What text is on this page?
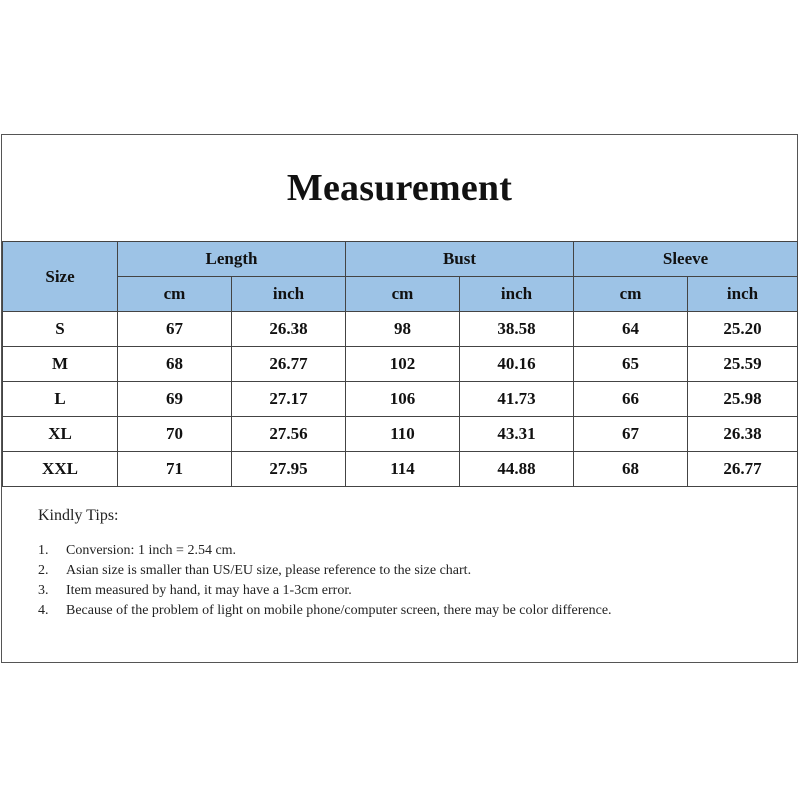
Measurement
Size	Length		Bust		Sleeve	
	cm	inch	cm	inch	cm	inch
S	67	26.38	98	38.58	64	25.20
M	68	26.77	102	40.16	65	25.59
L	69	27.17	106	41.73	66	25.98
XL	70	27.56	110	43.31	67	26.38
XXL	71	27.95	114	44.88	68	26.77
Kindly Tips:
1. Conversion: 1 inch = 2.54 cm.
2. Asian size is smaller than US/EU size, please reference to the size chart.
3. Item measured by hand, it may have a 1-3cm error.
4. Because of the problem of light on mobile phone/computer screen, there may be color difference.
